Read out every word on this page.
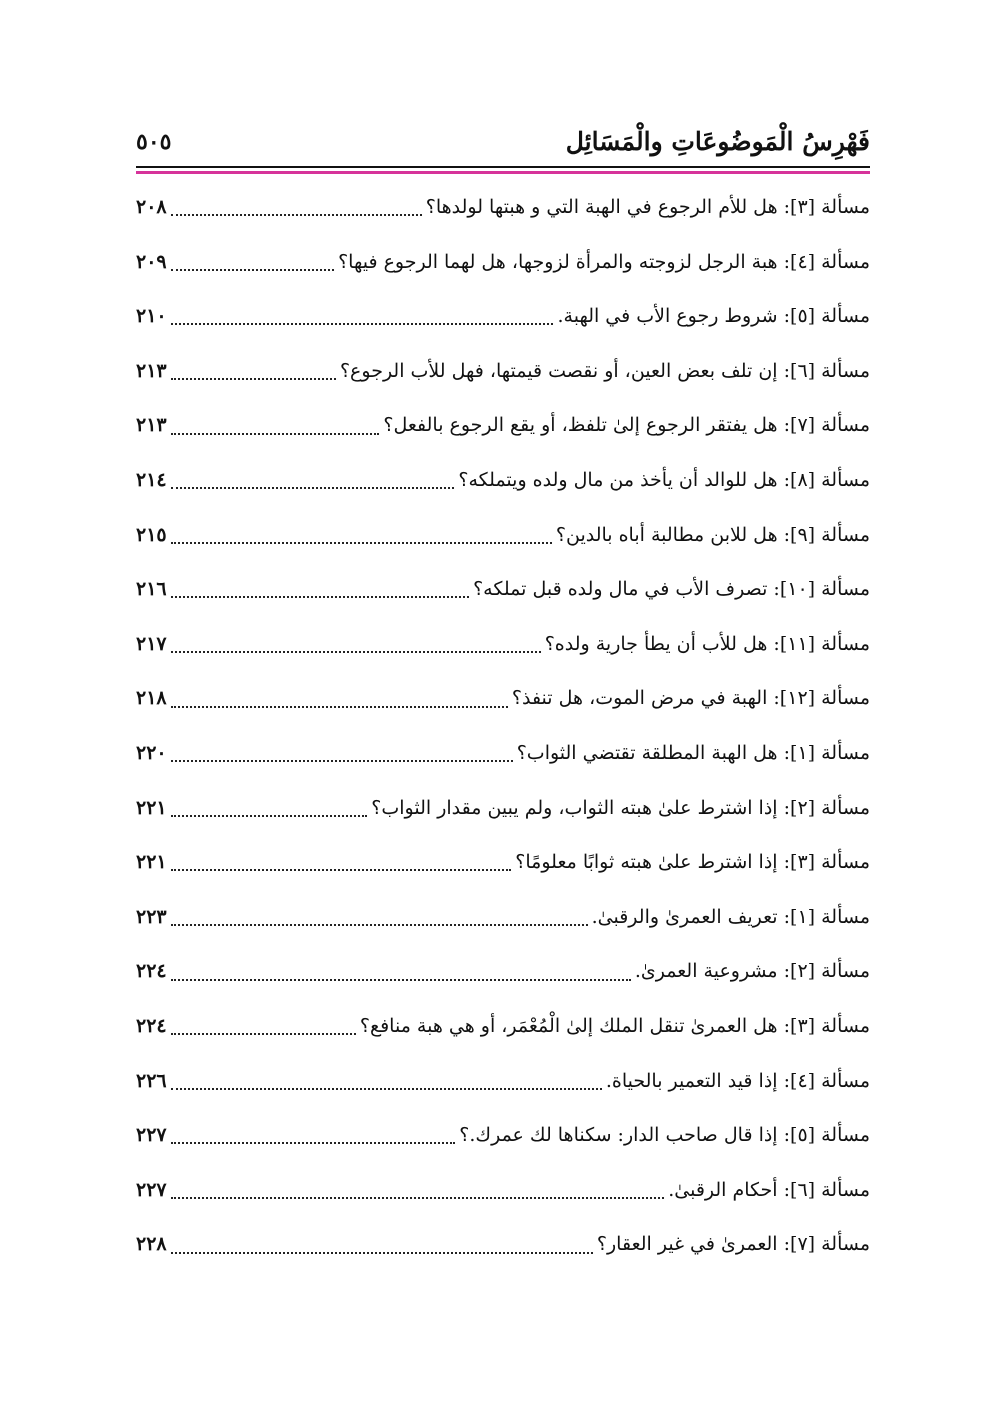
فَهْرِسُ الْمَوضُوعَاتِ والْمَسَائِل
٥٠٥
مسألة [٣]: هل للأم الرجوع في الهبة التي و هبتها لولدها؟
٢٠٨
مسألة [٤]: هبة الرجل لزوجته والمرأة لزوجها، هل لهما الرجوع فيها؟
٢٠٩
مسألة [٥]: شروط رجوع الأب في الهبة.
٢١٠
مسألة [٦]: إن تلف بعض العين، أو نقصت قيمتها، فهل للأب الرجوع؟
٢١٣
مسألة [٧]: هل يفتقر الرجوع إلىٰ تلفظ، أو يقع الرجوع بالفعل؟
٢١٣
مسألة [٨]: هل للوالد أن يأخذ من مال ولده ويتملكه؟
٢١٤
مسألة [٩]: هل للابن مطالبة أباه بالدين؟
٢١٥
مسألة [١٠]: تصرف الأب في مال ولده قبل تملكه؟
٢١٦
مسألة [١١]: هل للأب أن يطأ جارية ولده؟
٢١٧
مسألة [١٢]: الهبة في مرض الموت، هل تنفذ؟
٢١٨
مسألة [١]: هل الهبة المطلقة تقتضي الثواب؟
٢٢٠
مسألة [٢]: إذا اشترط علىٰ هبته الثواب، ولم يبين مقدار الثواب؟
٢٢١
مسألة [٣]: إذا اشترط علىٰ هبته ثوابًا معلومًا؟
٢٢١
مسألة [١]: تعريف العمرىٰ والرقبىٰ.
٢٢٣
مسألة [٢]: مشروعية العمرىٰ.
٢٢٤
مسألة [٣]: هل العمرىٰ تنقل الملك إلىٰ الْمُعْمَر، أو هي هبة منافع؟
٢٢٤
مسألة [٤]: إذا قيد التعمير بالحياة.
٢٢٦
مسألة [٥]: إذا قال صاحب الدار: سكناها لك عمرك.؟
٢٢٧
مسألة [٦]: أحكام الرقبىٰ.
٢٢٧
مسألة [٧]: العمرىٰ في غير العقار؟
٢٢٨
